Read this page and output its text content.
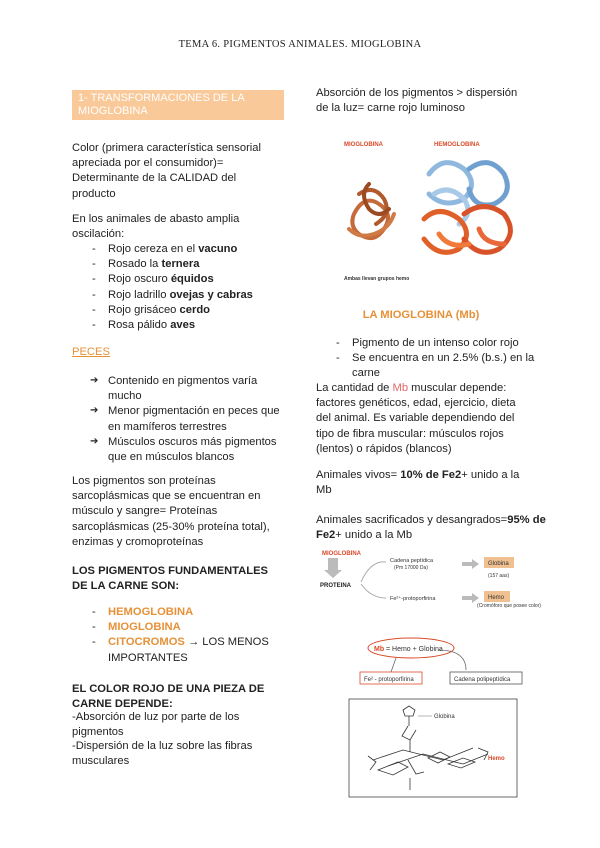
TEMA 6. PIGMENTOS ANIMALES. MIOGLOBINA
1- TRANSFORMACIONES DE LA MIOGLOBINA
Color (primera característica sensorial apreciada por el consumidor)= Determinante de la CALIDAD del producto
En los animales de abasto amplia oscilación:
- Rojo cereza en el vacuno
- Rosado la ternera
- Rojo oscuro équidos
- Rojo ladrillo ovejas y cabras
- Rojo grisáceo cerdo
- Rosa pálido aves
PECES
➔ Contenido en pigmentos varía mucho
➔ Menor pigmentación en peces que en mamíferos terrestres
➔ Músculos oscuros más pigmentos que en músculos blancos
Los pigmentos son proteínas sarcoplásmicas que se encuentran en músculo y sangre= Proteínas sarcoplásmicas (25-30% proteína total), enzimas y cromoproteínas
LOS PIGMENTOS FUNDAMENTALES DE LA CARNE SON:
- HEMOGLOBINA
- MIOGLOBINA
- CITOCROMOS → LOS MENOS IMPORTANTES
EL COLOR ROJO DE UNA PIEZA DE CARNE DEPENDE:
-Absorción de luz por parte de los pigmentos
-Dispersión de la luz sobre las fibras musculares
Absorción de los pigmentos > dispersión de la luz= carne rojo luminoso
MIOGLOBINA	HEMOGLOBINA
Ambas llevan grupos hemo
LA MIOGLOBINA (Mb)
- Pigmento de un intenso color rojo
- Se encuentra en un 2.5% (b.s.) en la carne
La cantidad de Mb muscular depende: factores genéticos, edad, ejercicio, dieta del animal. Es variable dependiendo del tipo de fibra muscular: músculos rojos (lentos) o rápidos (blancos)
Animales vivos= 10% de Fe2+ unido a la Mb
Animales sacrificados y desangrados=95% de Fe2+ unido a la Mb
MIOGLOBINA
PROTEINA
Cadena peptídica
(Pm 17000 Da)
Fe²⁺-protoporfirina
Globina
(157 aas)
Hemo
(Cromóforo que posee color)
Mb = Hemo + Globina
Fe² - protoporfirina	Cadena polipeptídica
Globina
Hemo
